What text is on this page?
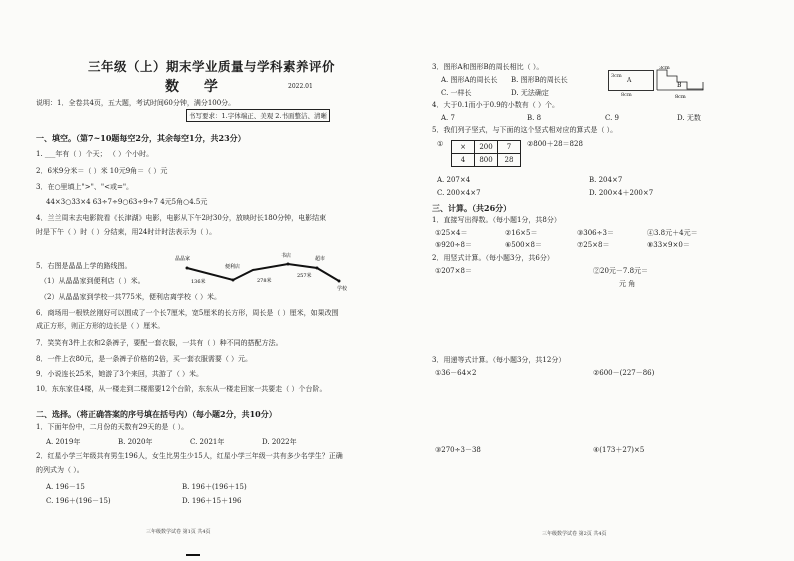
三年级（上）期末学业质量与学科素养评价
数 学	2022.01
说明：1．全卷共4页，五大题，考试时间60分钟，满分100分。
书写要求：1.字体端正、美观 2.书面整洁、清晰
一、填空。（第7~10题每空2分，其余每空1分，共23分）
1. ___年有（ ）个天； （ ）个小时。
2．6米9分米＝（ ）米 10元9角＝（ ）元
3．在○里填上">"、"<或="。
44×3○33×4 63÷7÷9○63÷9÷7 4元5角○4.5元
4．兰兰周末去电影院看《长津湖》电影，电影从下午2时30分，放映时长180分钟，电影结束
时是下午（ ）时（ ）分结束，用24时计时法表示为（ ）。
5．右图是晶晶上学的路线图。
（1）从晶晶家到便利店（ ）米。
（2）从晶晶家到学校一共775米，便利店离学校（ ）米。
晶晶家
便利店
书店
学校
超市
136米	278米
257米
6．商场用一根铁丝刚好可以围成了一个长7厘米，宽5厘米的长方形，周长是（ ）厘米，如果改围
成正方形，则正方形的边长是（ ）厘米。
7．笑笑有3件上衣和2条裤子，要配一套衣服，一共有（ ）种不同的搭配方法。
8．一件上衣80元，是一条裤子价格的2倍，买一套衣服需要（ ）元。
9．小说连长25米，她游了3个来回，共游了（ ）米。
10．东东家住4楼，从一楼走到二楼需要12个台阶，东东从一楼走回家一共要走（ ）个台阶。
二、选择。（将正确答案的序号填在括号内）（每小题2分，共10分）
1．下面年份中，二月份的天数有29天的是（ ）。
A. 2019年	B. 2020年	C. 2021年	D. 2022年
2．红星小学三年级共有男生196人，女生比男生少15人，红星小学三年级一共有多少名学生？正确
的列式为（ ）。
A. 196－15	B. 196＋(196＋15)
C. 196＋(196－15)	D. 196＋15＋196
三年级数学试卷 第1页 共4页
3．图形A和图形B的周长相比（ ）。
A. 图形A的周长长 B. 图形B的周长长
C. 一样长	D. 无法确定
A
3cm
8cm
B
3cm
8cm
4．大于0.1而小于0.9的小数有（ ）个。
A. 7	B. 8	C. 9	D. 无数
5．我们列子坚式，与下面的这个竖式相对应的算式是（ ）。
① ×	200	7
4	800	28
②800＋28＝828
A. 207×4	B. 204×7
C. 200×4×7	D. 200×4＋200×7
三、计算。（共26分）
1．直接写出得数。（每小题1分，共8分）
①25×4＝	②16×5＝	③306÷3＝	④3.8元＋4元＝
⑤920÷8＝	⑥500×8＝	⑦25×8＝	⑧33×9×0＝
2．用竖式计算。（每小题3分，共6分）
①207×8＝	②20元－7.8元＝
元 角
3．用递等式计算。（每小题3分，共12分）
①36－64×2	②600－(227－86)
③270÷3－38	④(173＋27)×5
三年级数学试卷 第2页 共4页
